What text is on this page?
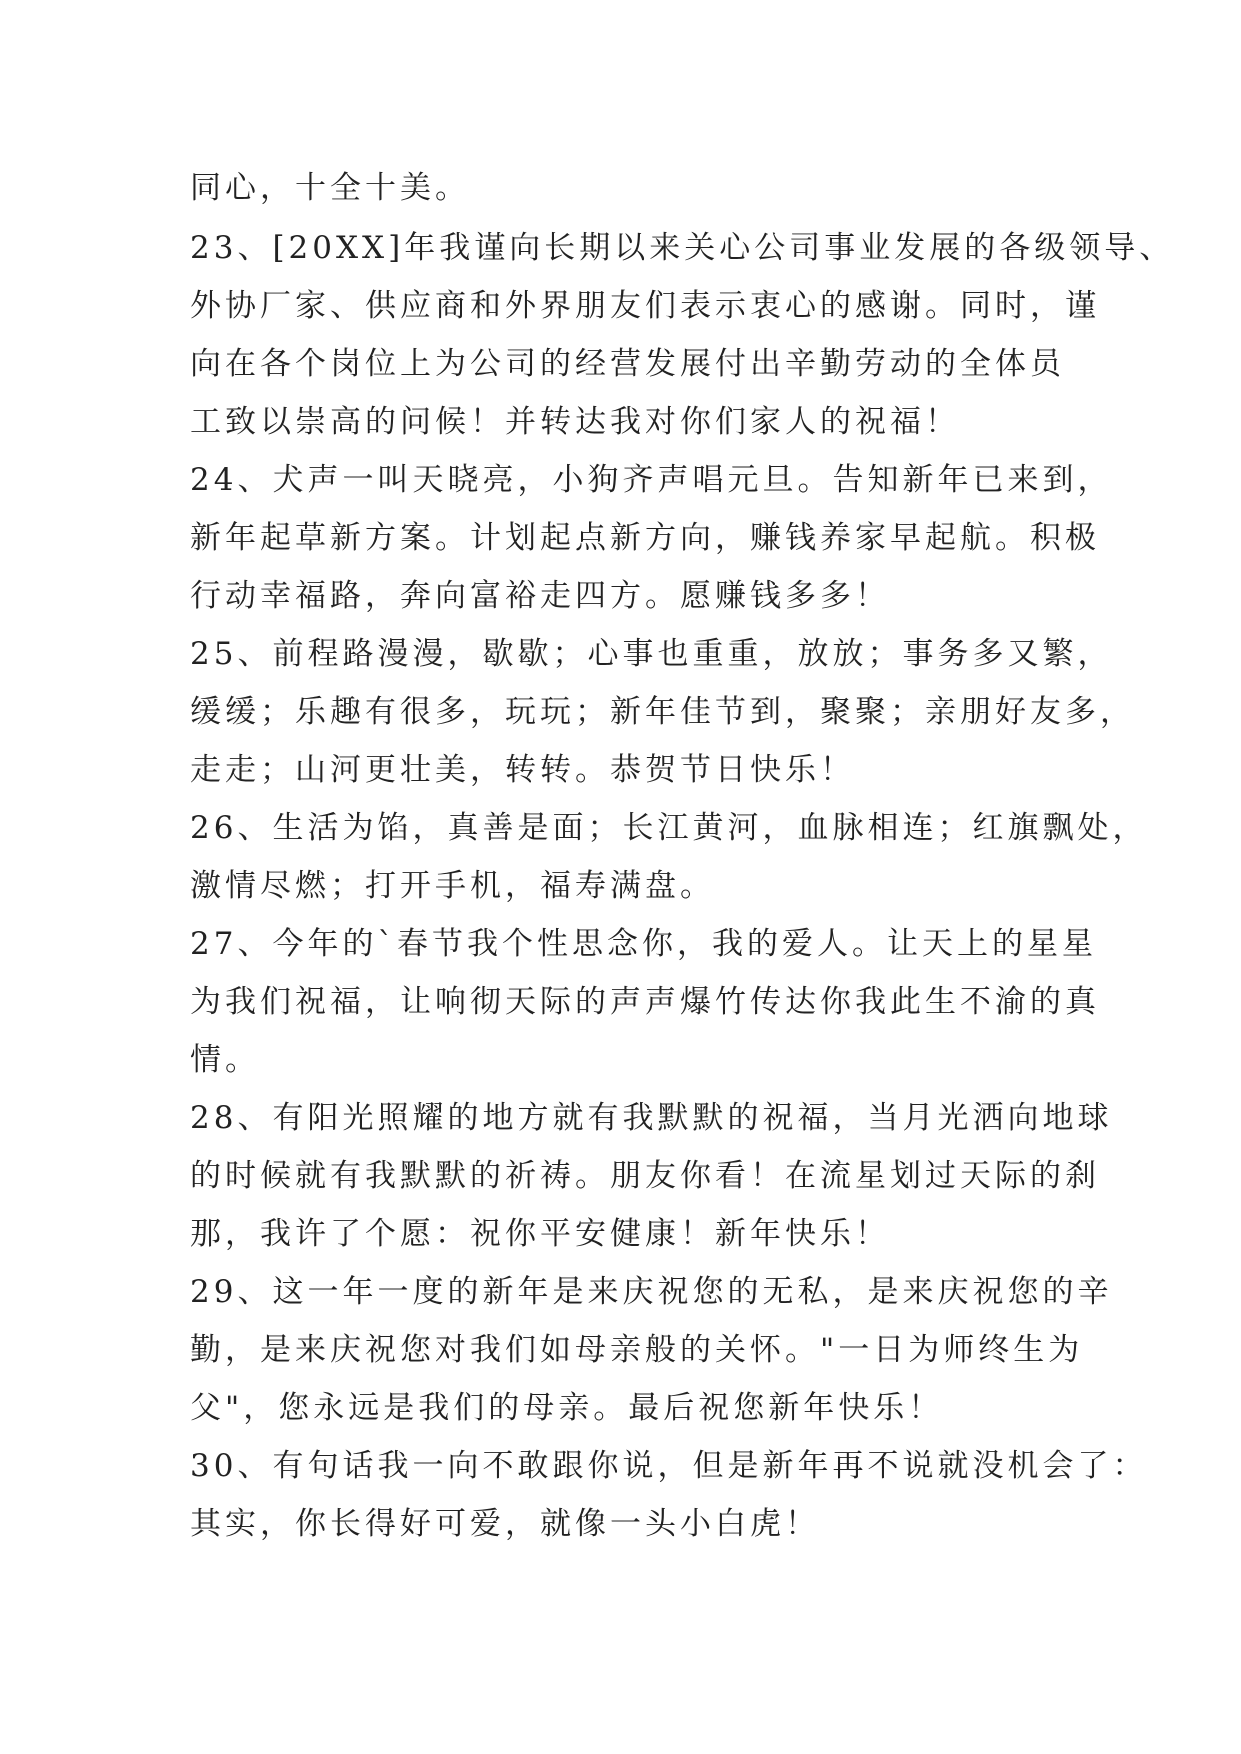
同心，十全十美。
23、[20XX]年我谨向长期以来关心公司事业发展的各级领导、
外协厂家、供应商和外界朋友们表示衷心的感谢。同时，谨
向在各个岗位上为公司的经营发展付出辛勤劳动的全体员
工致以崇高的问候！并转达我对你们家人的祝福！
24、犬声一叫天晓亮，小狗齐声唱元旦。告知新年已来到，
新年起草新方案。计划起点新方向，赚钱养家早起航。积极
行动幸福路，奔向富裕走四方。愿赚钱多多！
25、前程路漫漫，歇歇；心事也重重，放放；事务多又繁，
缓缓；乐趣有很多，玩玩；新年佳节到，聚聚；亲朋好友多，
走走；山河更壮美，转转。恭贺节日快乐！
26、生活为馅，真善是面；长江黄河，血脉相连；红旗飘处，
激情尽燃；打开手机，福寿满盘。
27、今年的`春节我个性思念你，我的爱人。让天上的星星
为我们祝福，让响彻天际的声声爆竹传达你我此生不渝的真
情。
28、有阳光照耀的地方就有我默默的祝福，当月光洒向地球
的时候就有我默默的祈祷。朋友你看！在流星划过天际的刹
那，我许了个愿：祝你平安健康！新年快乐！
29、这一年一度的新年是来庆祝您的无私，是来庆祝您的辛
勤，是来庆祝您对我们如母亲般的关怀。"一日为师终生为
父"，您永远是我们的母亲。最后祝您新年快乐！
30、有句话我一向不敢跟你说，但是新年再不说就没机会了：
其实，你长得好可爱，就像一头小白虎！
